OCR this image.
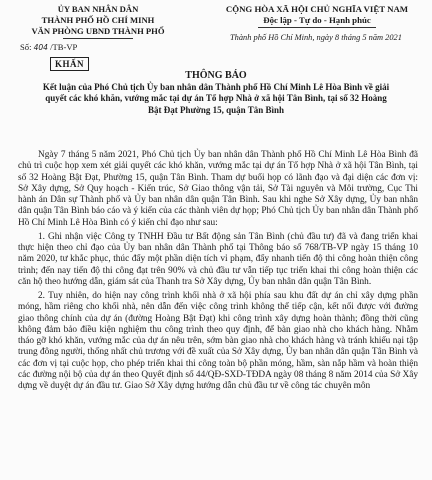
ỦY BAN NHÂN DÂN
THÀNH PHỐ HỒ CHÍ MINH
VĂN PHÒNG UBND THÀNH PHỐ
CỘNG HÒA XÃ HỘI CHỦ NGHĨA VIỆT NAM
Độc lập - Tự do - Hạnh phúc
Số: 404 /TB-VP
KHẨN
Thành phố Hồ Chí Minh, ngày 8 tháng 5 năm 2021
THÔNG BÁO
Kết luận của Phó Chủ tịch Ủy ban nhân dân Thành phố Hồ Chí Minh Lê Hòa Bình về giải quyết các khó khăn, vướng mắc tại dự án Tổ hợp Nhà ở xã hội Tân Bình, tại số 32 Hoàng Bật Đạt Phường 15, quận Tân Bình

Ngày 7 tháng 5 năm 2021, Phó Chủ tịch Ủy ban nhân dân Thành phố Hồ Chí Minh Lê Hòa Bình đã chủ trì cuộc họp xem xét giải quyết các khó khăn, vướng mắc tại dự án Tổ hợp Nhà ở xã hội Tân Bình, tại số 32 Hoàng Bật Đạt, Phường 15, quận Tân Bình. Tham dự buổi họp có lãnh đạo và đại diện các đơn vị: Sở Xây dựng, Sở Quy hoạch - Kiến trúc, Sở Giao thông vận tải, Sở Tài nguyên và Môi trường, Cục Thi hành án Dân sự Thành phố và Ủy ban nhân dân quận Tân Bình. Sau khi nghe Sở Xây dựng, Ủy ban nhân dân quận Tân Bình báo cáo và ý kiến của các thành viên dự họp; Phó Chủ tịch Ủy ban nhân dân Thành phố Hồ Chí Minh Lê Hòa Bình có ý kiến chỉ đạo như sau:

1. Ghi nhận việc Công ty TNHH Đầu tư Bất động sản Tân Bình (chủ đầu tư) đã và đang triển khai thực hiện theo chỉ đạo của Ủy ban nhân dân Thành phố tại Thông báo số 768/TB-VP ngày 15 tháng 10 năm 2020, tư khắc phục, thúc đẩy một phần diện tích vỉ phạm, đẩy nhanh tiến độ thi công hoàn thiện công trình; đến nay tiến độ thi công đạt trên 90% và chủ đầu tư vẫn tiếp tục triển khai thi công hoàn thiện các căn hộ theo hướng dẫn, giám sát của Thanh tra Sở Xây dựng, Ủy ban nhân dân quận Tân Bình.

2. Tuy nhiên, do hiện nay công trình khối nhà ở xã hội phía sau khu đất dự án chỉ xây dựng phần móng, hầm riêng cho khối nhà, nên dẫn đến việc công trình không thể tiếp cận, kết nối được với đường giao thông chính của dự án (đường Hoàng Bật Đạt) khi công trình xây dựng hoàn thành; đồng thời cũng không đảm bảo điều kiện nghiệm thu công trình theo quy định, để bàn giao nhà cho khách hàng. Nhằm tháo gỡ khó khăn, vướng mắc của dự án nêu trên, sớm bàn giao nhà cho khách hàng và tránh khiếu nại tập trung đông người, thống nhất chủ trương với đề xuất của Sở Xây dựng, Ủy ban nhân dân quận Tân Bình và các đơn vị tại cuộc họp, cho phép triển khai thi công toàn bộ phần móng, hầm, sàn nắp hầm và hoàn thiện các đường nội bộ của dự án theo Quyết định số 44/QĐ-SXD-TĐDA ngày 08 tháng 8 năm 2014 của Sở Xây dựng về duyệt dự án đầu tư. Giao Sở Xây dựng hướng dẫn chủ đầu tư về công tác chuyên môn
